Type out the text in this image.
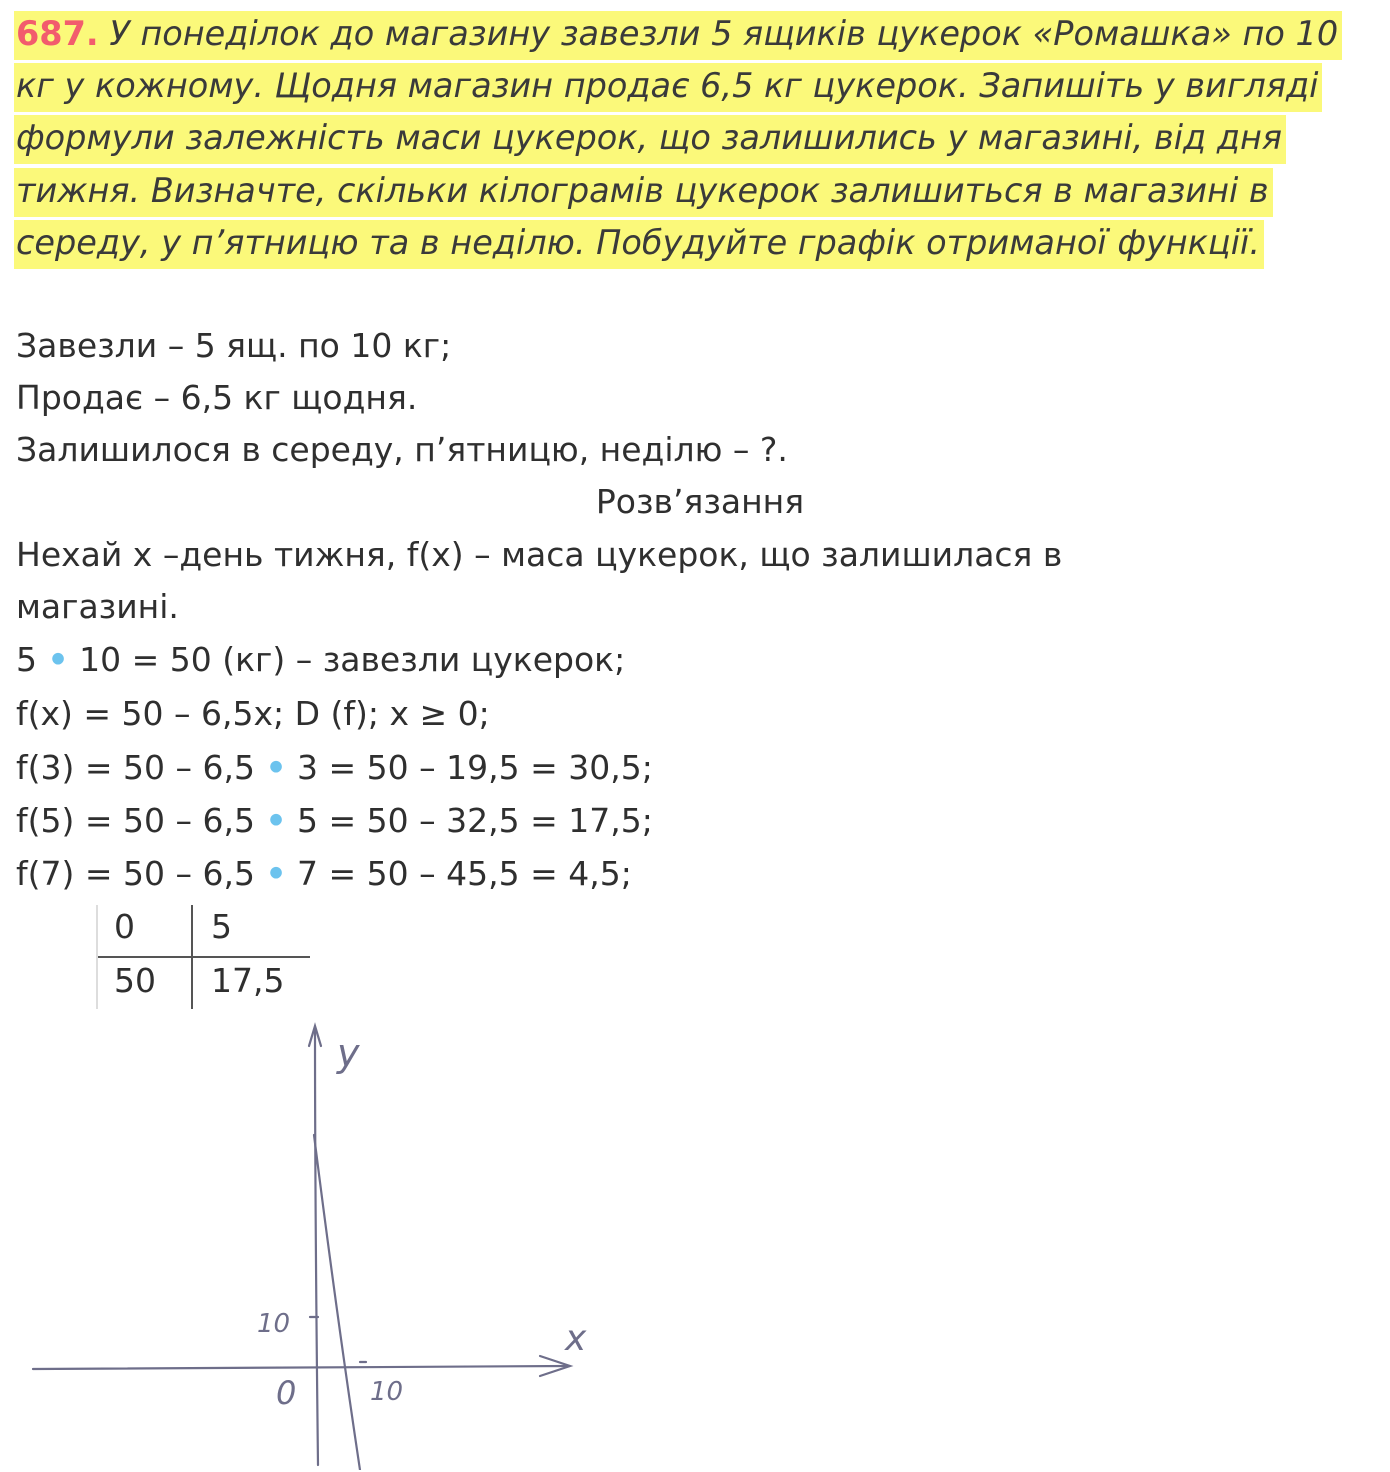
687. У понеділок до магазину завезли 5 ящиків цукерок «Ромашка» по 10 кг у кожному. Щодня магазин продає 6,5 кг цукерок. Запишіть у вигляді формули залежність маси цукерок, що залишились у магазині, від дня тижня. Визначте, скільки кілограмів цукерок залишиться в магазині в середу, у п’ятницю та в неділю. Побудуйте графік отриманої функції.
Завезли – 5 ящ. по 10 кг;
Продає – 6,5 кг щодня.
Залишилося в середу, п’ятницю, неділю – ?.
Розв’язання
Нехай x –день тижня, f(x) – маса цукерок, що залишилася в
магазині.
5 • 10 = 50 (кг) – завезли цукерок;
f(x) = 50 – 6,5x; D (f); x ≥ 0;
f(3) = 50 – 6,5 • 3 = 50 – 19,5 = 30,5;
f(5) = 50 – 6,5 • 5 = 50 – 32,5 = 17,5;
f(7) = 50 – 6,5 • 7 = 50 – 45,5 = 4,5;
0 5
50 17,5
y
x
0	10
10
